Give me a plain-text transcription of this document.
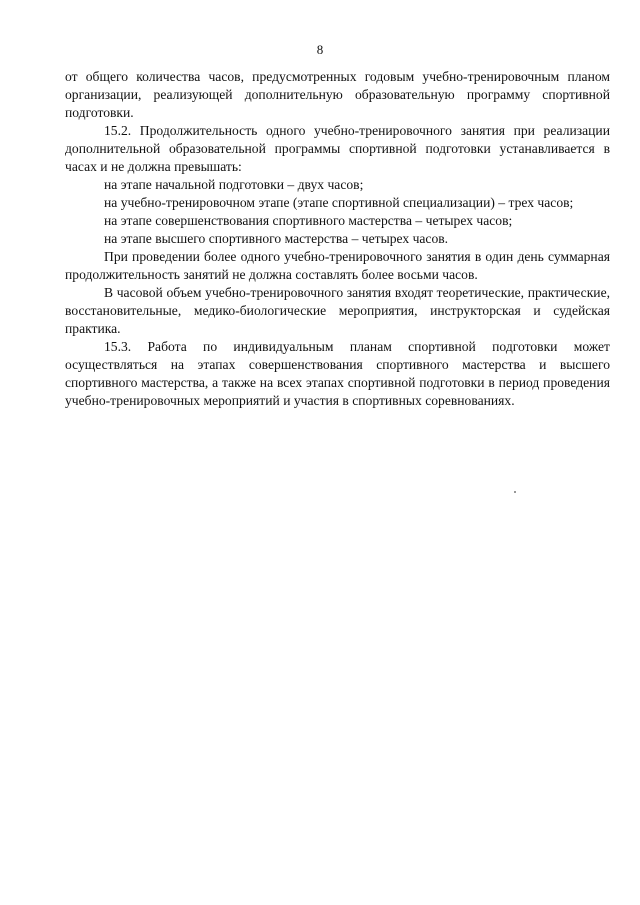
8

от общего количества часов, предусмотренных годовым учебно-тренировочным планом организации, реализующей дополнительную образовательную программу спортивной подготовки.

15.2. Продолжительность одного учебно-тренировочного занятия при реализации дополнительной образовательной программы спортивной подготовки устанавливается в часах и не должна превышать:

на этапе начальной подготовки – двух часов;

на учебно-тренировочном этапе (этапе спортивной специализации) – трех часов;

на этапе совершенствования спортивного мастерства – четырех часов;

на этапе высшего спортивного мастерства – четырех часов.

При проведении более одного учебно-тренировочного занятия в один день суммарная продолжительность занятий не должна составлять более восьми часов.

В часовой объем учебно-тренировочного занятия входят теоретические, практические, восстановительные, медико-биологические мероприятия, инструкторская и судейская практика.

15.3. Работа по индивидуальным планам спортивной подготовки может осуществляться на этапах совершенствования спортивного мастерства и высшего спортивного мастерства, а также на всех этапах спортивной подготовки в период проведения учебно-тренировочных мероприятий и участия в спортивных соревнованиях.
